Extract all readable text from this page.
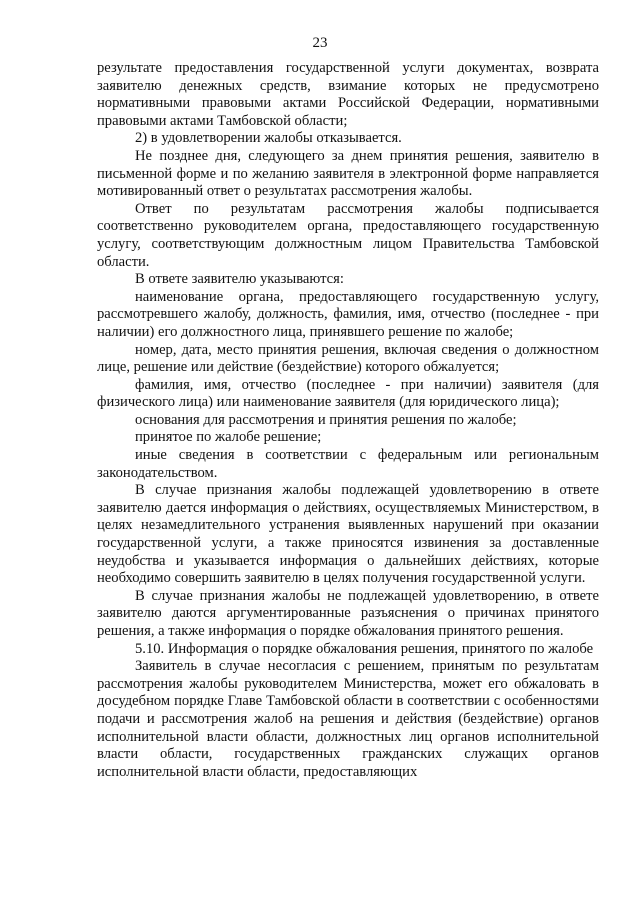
23

результате предоставления государственной услуги документах, возврата заявителю денежных средств, взимание которых не предусмотрено нормативными правовыми актами Российской Федерации, нормативными правовыми актами Тамбовской области;

2) в удовлетворении жалобы отказывается.

Не позднее дня, следующего за днем принятия решения, заявителю в письменной форме и по желанию заявителя в электронной форме направляется мотивированный ответ о результатах рассмотрения жалобы.

Ответ по результатам рассмотрения жалобы подписывается соответственно руководителем органа, предоставляющего государственную услугу, соответствующим должностным лицом Правительства Тамбовской области.

В ответе заявителю указываются:

наименование органа, предоставляющего государственную услугу, рассмотревшего жалобу, должность, фамилия, имя, отчество (последнее - при наличии) его должностного лица, принявшего решение по жалобе;

номер, дата, место принятия решения, включая сведения о должностном лице, решение или действие (бездействие) которого обжалуется;

фамилия, имя, отчество (последнее - при наличии) заявителя (для физического лица) или наименование заявителя (для юридического лица);

основания для рассмотрения и принятия решения по жалобе;

принятое по жалобе решение;

иные сведения в соответствии с федеральным или региональным законодательством.

В случае признания жалобы подлежащей удовлетворению в ответе заявителю дается информация о действиях, осуществляемых Министерством, в целях незамедлительного устранения выявленных нарушений при оказании государственной услуги, а также приносятся извинения за доставленные неудобства и указывается информация о дальнейших действиях, которые необходимо совершить заявителю в целях получения государственной услуги.

В случае признания жалобы не подлежащей удовлетворению, в ответе заявителю даются аргументированные разъяснения о причинах принятого решения, а также информация о порядке обжалования принятого решения.

5.10. Информация о порядке обжалования решения, принятого по жалобе

Заявитель в случае несогласия с решением, принятым по результатам рассмотрения жалобы руководителем Министерства, может его обжаловать в досудебном порядке Главе Тамбовской области в соответствии с особенностями подачи и рассмотрения жалоб на решения и действия (бездействие) органов исполнительной власти области, должностных лиц органов исполнительной власти области, государственных гражданских служащих органов исполнительной власти области, предоставляющих
